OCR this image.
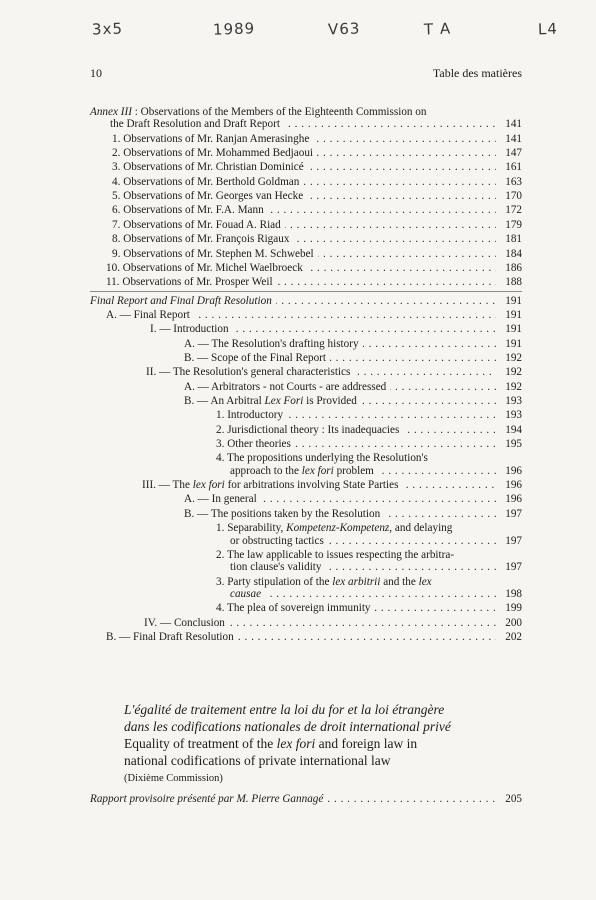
3x5	1989	V63	T A	L4
10	Table des matières
Annex III : Observations of the Members of the Eighteenth Commission on
the Draft Resolution and Draft Report . . .	141
1. Observations of Mr. Ranjan Amerasinghe . . .	141
2. Observations of Mr. Mohammed Bedjaoui . . .	147
3. Observations of Mr. Christian Dominicé . . .	161
4. Observations of Mr. Berthold Goldman . . .	163
5. Observations of Mr. Georges van Hecke . . .	170
6. Observations of Mr. F.A. Mann . . .	172
7. Observations of Mr. Fouad A. Riad . . .	179
8. Observations of Mr. François Rigaux . . .	181
9. Observations of Mr. Stephen M. Schwebel . . .	184
10. Observations of Mr. Michel Waelbroeck . . .	186
11. Observations of Mr. Prosper Weil . . .	188
Final Report and Final Draft Resolution . . .	191
A. — Final Report . . .	191
I. — Introduction . . .	191
A. — The Resolution's drafting history . . .	191
B. — Scope of the Final Report . . .	192
II. — The Resolution's general characteristics . . .	192
A. — Arbitrators - not Courts - are addressed . . .	192
B. — An Arbitral Lex Fori is Provided . . .	193
1. Introductory . . .	193
2. Jurisdictional theory : Its inadequacies . . .	194
3. Other theories . . .	195
4. The propositions underlying the Resolution's
approach to the lex fori problem . . .	196
III. — The lex fori for arbitrations involving State Parties . . .	196
A. — In general . . .	196
B. — The positions taken by the Resolution . . .	197
1. Separability, Kompetenz-Kompetenz, and delaying
or obstructing tactics . . .	197
2. The law applicable to issues respecting the arbitra-
tion clause's validity . . .	197
3. Party stipulation of the lex arbitrii and the lex
causae . . .	198
4. The plea of sovereign immunity . . .	199
IV. — Conclusion . . .	200
B. — Final Draft Resolution . . .	202
L'égalité de traitement entre la loi du for et la loi étrangère
dans les codifications nationales de droit international privé
Equality of treatment of the lex fori and foreign law in
national codifications of private international law
(Dixième Commission)
Rapport provisoire présenté par M. Pierre Gannagé . . .	205
